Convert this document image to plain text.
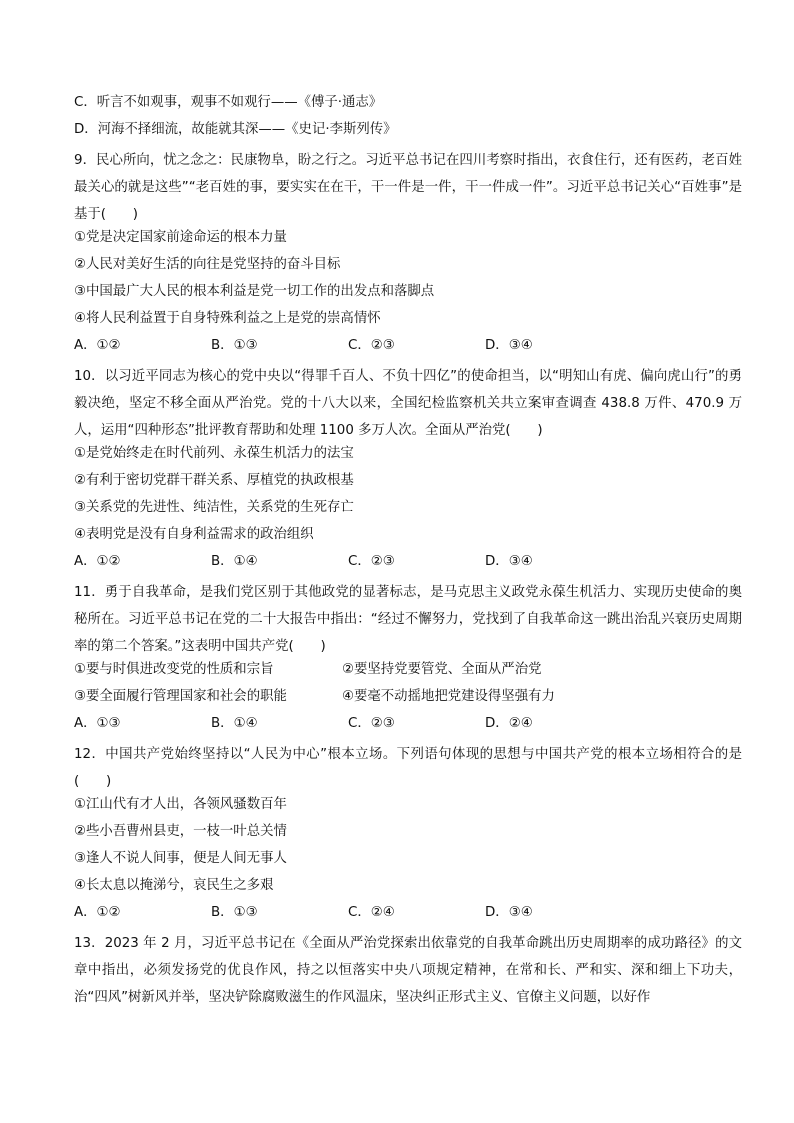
C．听言不如观事，观事不如观行——《傅子·通志》
D．河海不择细流，故能就其深——《史记·李斯列传》
9．民心所向，忧之念之：民康物阜，盼之行之。习近平总书记在四川考察时指出，衣食住行，还有医药，老百姓最关心的就是这些”“老百姓的事，要实实在在干，干一件是一件，干一件成一件”。习近平总书记关心“百姓事”是基于(　　)
①党是决定国家前途命运的根本力量
②人民对美好生活的向往是党坚持的奋斗目标
③中国最广大人民的根本利益是党一切工作的出发点和落脚点
④将人民利益置于自身特殊利益之上是党的崇高情怀
A．①②	B．①③	C．②③	D．③④
10．以习近平同志为核心的党中央以“得罪千百人、不负十四亿”的使命担当，以“明知山有虎、偏向虎山行”的勇毅决绝，坚定不移全面从严治党。党的十八大以来，全国纪检监察机关共立案审查调查 438.8 万件、470.9 万人，运用“四种形态”批评教育帮助和处理 1100 多万人次。全面从严治党(　　)
①是党始终走在时代前列、永葆生机活力的法宝
②有利于密切党群干群关系、厚植党的执政根基
③关系党的先进性、纯洁性，关系党的生死存亡
④表明党是没有自身利益需求的政治组织
A．①②	B．①④	C．②③	D．③④
11．勇于自我革命，是我们党区别于其他政党的显著标志，是马克思主义政党永葆生机活力、实现历史使命的奥秘所在。习近平总书记在党的二十大报告中指出：“经过不懈努力，党找到了自我革命这一跳出治乱兴衰历史周期率的第二个答案。”这表明中国共产党(　　)
①要与时俱进改变党的性质和宗旨	②要坚持党要管党、全面从严治党
③要全面履行管理国家和社会的职能	④要毫不动摇地把党建设得坚强有力
A．①③	B．①④	C．②③	D．②④
12．中国共产党始终坚持以“人民为中心”根本立场。下列语句体现的思想与中国共产党的根本立场相符合的是(　　)
①江山代有才人出，各领风骚数百年
②些小吾曹州县吏，一枝一叶总关情
③逢人不说人间事，便是人间无事人
④长太息以掩涕兮，哀民生之多艰
A．①②	B．①③	C．②④	D．③④
13．2023 年 2 月，习近平总书记在《全面从严治党探索出依靠党的自我革命跳出历史周期率的成功路径》的文章中指出，必须发扬党的优良作风，持之以恒落实中央八项规定精神，在常和长、严和实、深和细上下功夫，治“四风”树新风并举，坚决铲除腐败滋生的作风温床，坚决纠正形式主义、官僚主义问题，以好作
